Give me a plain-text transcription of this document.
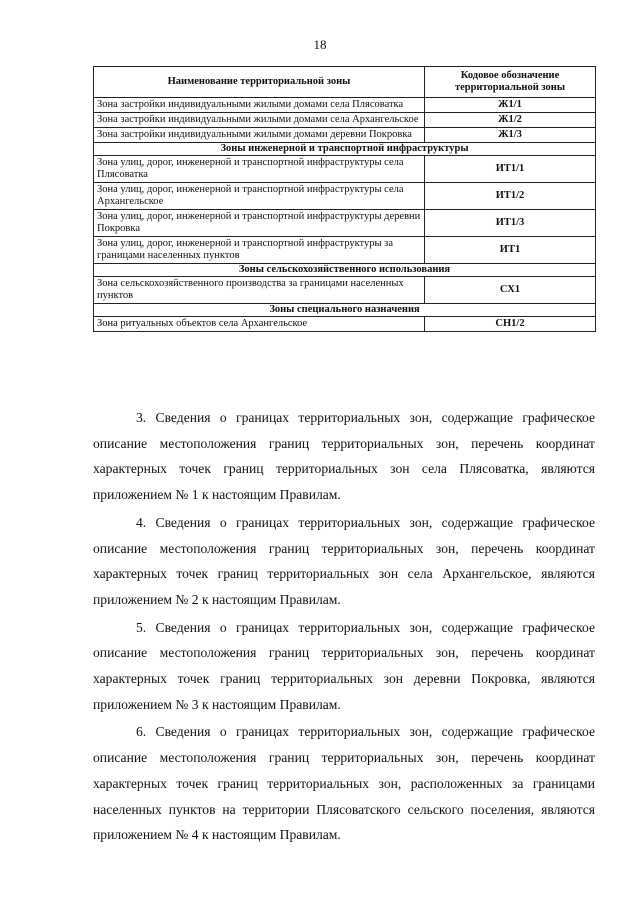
18
Наименование территориальной зоны	Кодовое обозначение территориальной зоны
Зона застройки индивидуальными жилыми домами села Плясоватка	Ж1/1
Зона застройки индивидуальными жилыми домами села Архангельское	Ж1/2
Зона застройки индивидуальными жилыми домами деревни Покровка	Ж1/3
Зоны инженерной и транспортной инфраструктуры	
Зона улиц, дорог, инженерной и транспортной инфраструктуры села Плясоватка	ИТ1/1
Зона улиц, дорог, инженерной и транспортной инфраструктуры села Архангельское	ИТ1/2
Зона улиц, дорог, инженерной и транспортной инфраструктуры деревни Покровка	ИТ1/3
Зона улиц, дорог, инженерной и транспортной инфраструктуры за границами населенных пунктов	ИТ1
Зоны сельскохозяйственного использования	
Зона сельскохозяйственного производства за границами населенных пунктов	СХ1
Зоны специального назначения	
Зона ритуальных объектов села Архангельское	СН1/2

3. Сведения о границах территориальных зон, содержащие графическое описание местоположения границ территориальных зон, перечень координат характерных точек границ территориальных зон села Плясоватка, являются приложением № 1 к настоящим Правилам.

4. Сведения о границах территориальных зон, содержащие графическое описание местоположения границ территориальных зон, перечень координат характерных точек границ территориальных зон села Архангельское, являются приложением № 2 к настоящим Правилам.

5. Сведения о границах территориальных зон, содержащие графическое описание местоположения границ территориальных зон, перечень координат характерных точек границ территориальных зон деревни Покровка, являются приложением № 3 к настоящим Правилам.

6. Сведения о границах территориальных зон, содержащие графическое описание местоположения границ территориальных зон, перечень координат характерных точек границ территориальных зон, расположенных за границами населенных пунктов на территории Плясоватского сельского поселения, являются приложением № 4 к настоящим Правилам.
